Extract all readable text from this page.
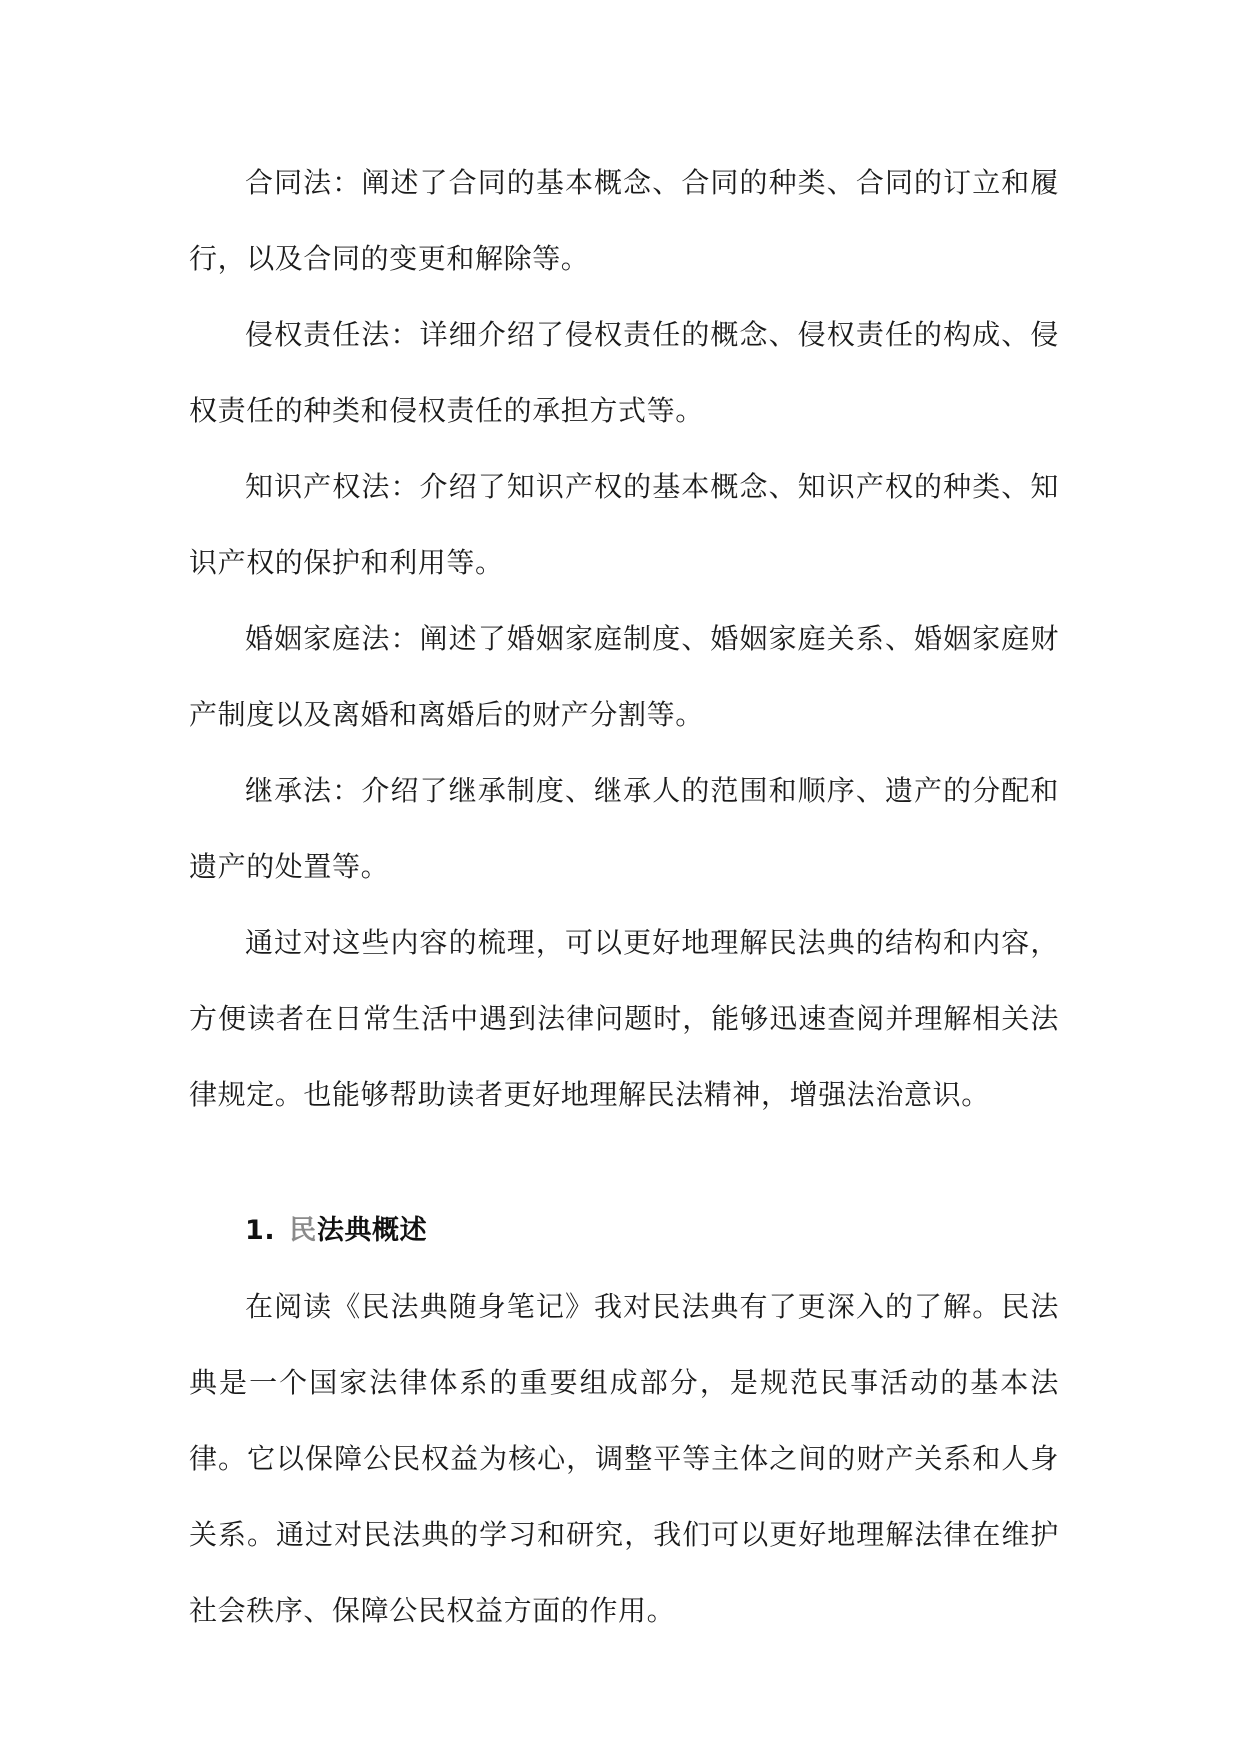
合同法：阐述了合同的基本概念、合同的种类、合同的订立和履行，以及合同的变更和解除等。

侵权责任法：详细介绍了侵权责任的概念、侵权责任的构成、侵权责任的种类和侵权责任的承担方式等。

知识产权法：介绍了知识产权的基本概念、知识产权的种类、知识产权的保护和利用等。

婚姻家庭法：阐述了婚姻家庭制度、婚姻家庭关系、婚姻家庭财产制度以及离婚和离婚后的财产分割等。

继承法：介绍了继承制度、继承人的范围和顺序、遗产的分配和遗产的处置等。

通过对这些内容的梳理，可以更好地理解民法典的结构和内容，方便读者在日常生活中遇到法律问题时，能够迅速查阅并理解相关法律规定。也能够帮助读者更好地理解民法精神，增强法治意识。

1. 民法典概述

在阅读《民法典随身笔记》我对民法典有了更深入的了解。民法典是一个国家法律体系的重要组成部分，是规范民事活动的基本法律。它以保障公民权益为核心，调整平等主体之间的财产关系和人身关系。通过对民法典的学习和研究，我们可以更好地理解法律在维护社会秩序、保障公民权益方面的作用。
